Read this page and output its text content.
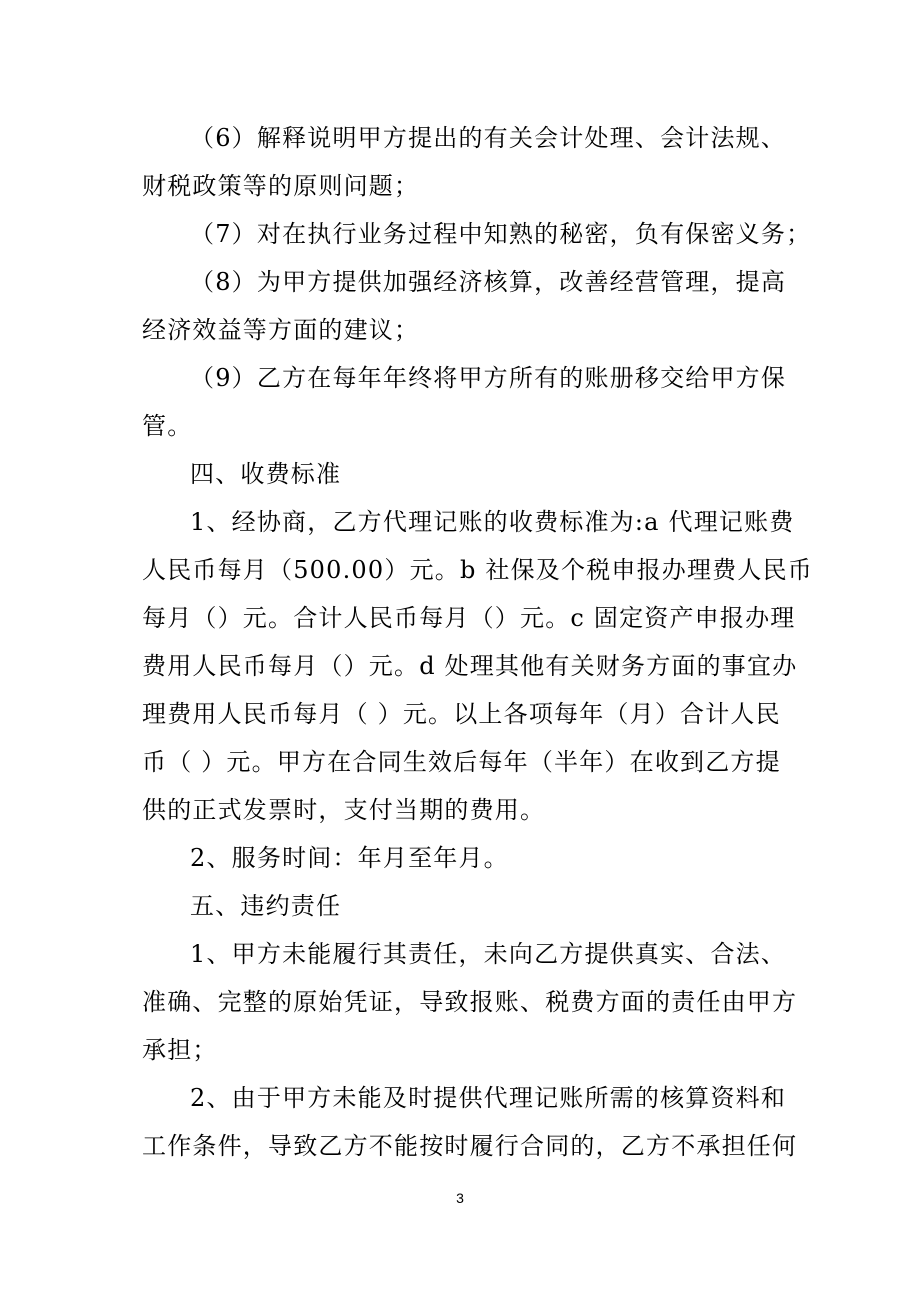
（6）解释说明甲方提出的有关会计处理、会计法规、
财税政策等的原则问题；
（7）对在执行业务过程中知熟的秘密，负有保密义务；
（8）为甲方提供加强经济核算，改善经营管理，提高
经济效益等方面的建议；
（9）乙方在每年年终将甲方所有的账册移交给甲方保
管。
四、收费标准
1、经协商，乙方代理记账的收费标准为:a 代理记账费
人民币每月（500.00）元。b 社保及个税申报办理费人民币
每月（）元。合计人民币每月（）元。c 固定资产申报办理
费用人民币每月（）元。d 处理其他有关财务方面的事宜办
理费用人民币每月（ ）元。以上各项每年（月）合计人民
币（ ）元。甲方在合同生效后每年（半年）在收到乙方提
供的正式发票时，支付当期的费用。
2、服务时间：年月至年月。
五、违约责任
1、甲方未能履行其责任，未向乙方提供真实、合法、
准确、完整的原始凭证，导致报账、税费方面的责任由甲方
承担；
2、由于甲方未能及时提供代理记账所需的核算资料和
工作条件，导致乙方不能按时履行合同的，乙方不承担任何
3
